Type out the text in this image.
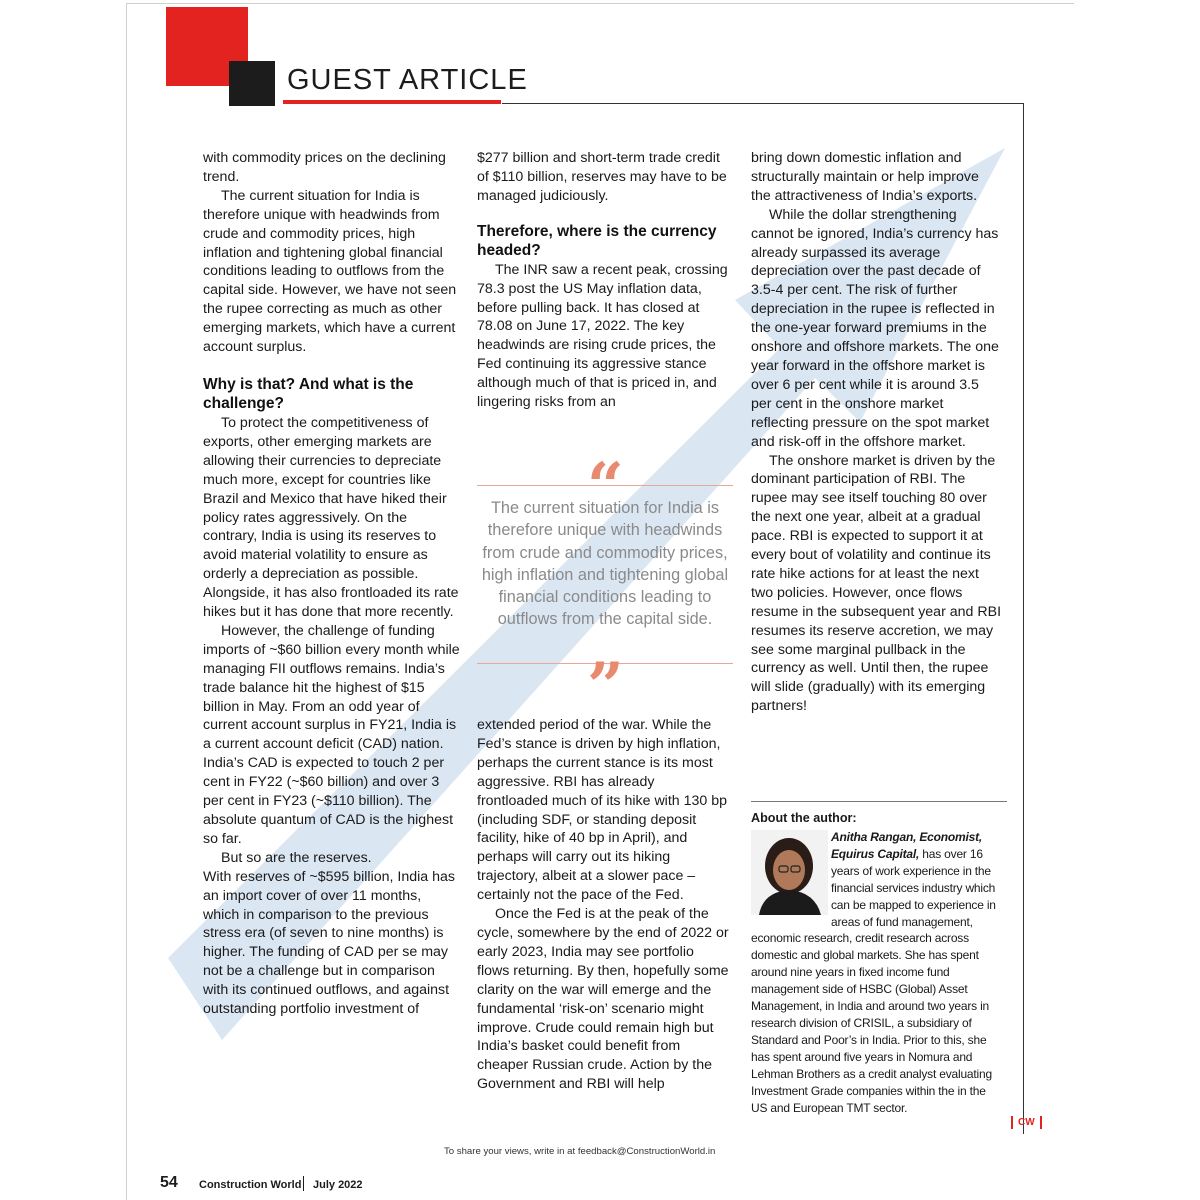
GUEST ARTICLE

with commodity prices on the declining trend.

The current situation for India is therefore unique with headwinds from crude and commodity prices, high inflation and tightening global financial conditions leading to outflows from the capital side. However, we have not seen the rupee correcting as much as other emerging markets, which have a current account surplus.

Why is that? And what is the challenge?

To protect the competitiveness of exports, other emerging markets are allowing their currencies to depreciate much more, except for countries like Brazil and Mexico that have hiked their policy rates aggressively. On the contrary, India is using its reserves to avoid material volatility to ensure as orderly a depreciation as possible. Alongside, it has also frontloaded its rate hikes but it has done that more recently.

However, the challenge of funding imports of ~$60 billion every month while managing FII outflows remains. India’s trade balance hit the highest of $15 billion in May. From an odd year of current account surplus in FY21, India is a current account deficit (CAD) nation. India’s CAD is expected to touch 2 per cent in FY22 (~$60 billion) and over 3 per cent in FY23 (~$110 billion). The absolute quantum of CAD is the highest so far.

But so are the reserves.

With reserves of ~$595 billion, India has an import cover of over 11 months, which in comparison to the previous stress era (of seven to nine months) is higher. The funding of CAD per se may not be a challenge but in comparison with its continued outflows, and against outstanding portfolio investment of

$277 billion and short-term trade credit of $110 billion, reserves may have to be managed judiciously.

Therefore, where is the currency headed?

The INR saw a recent peak, crossing 78.3 post the US May inflation data, before pulling back. It has closed at 78.08 on June 17, 2022. The key headwinds are rising crude prices, the Fed continuing its aggressive stance although much of that is priced in, and lingering risks from an

“
The current situation for India is therefore unique with headwinds from crude and commodity prices, high inflation and tightening global financial conditions leading to outflows from the capital side.
”

extended period of the war. While the Fed’s stance is driven by high inflation, perhaps the current stance is its most aggressive. RBI has already frontloaded much of its hike with 130 bp (including SDF, or standing deposit facility, hike of 40 bp in April), and perhaps will carry out its hiking trajectory, albeit at a slower pace – certainly not the pace of the Fed.

Once the Fed is at the peak of the cycle, somewhere by the end of 2022 or early 2023, India may see portfolio flows returning. By then, hopefully some clarity on the war will emerge and the fundamental ‘risk-on’ scenario might improve. Crude could remain high but India’s basket could benefit from cheaper Russian crude. Action by the Government and RBI will help

bring down domestic inflation and structurally maintain or help improve the attractiveness of India’s exports.

While the dollar strengthening cannot be ignored, India’s currency has already surpassed its average depreciation over the past decade of 3.5-4 per cent. The risk of further depreciation in the rupee is reflected in the one-year forward premiums in the onshore and offshore markets. The one year forward in the offshore market is over 6 per cent while it is around 3.5 per cent in the onshore market reflecting pressure on the spot market and risk-off in the offshore market.

The onshore market is driven by the dominant participation of RBI. The rupee may see itself touching 80 over the next one year, albeit at a gradual pace. RBI is expected to support it at every bout of volatility and continue its rate hike actions for at least the next two policies. However, once flows resume in the subsequent year and RBI resumes its reserve accretion, we may see some marginal pullback in the currency as well. Until then, the rupee will slide (gradually) with its emerging partners!

About the author:
Anitha Rangan, Economist, Equirus Capital, has over 16 years of work experience in the financial services industry which can be mapped to experience in areas of fund management, economic research, credit research across domestic and global markets. She has spent around nine years in fixed income fund management side of HSBC (Global) Asset Management, in India and around two years in research division of CRISIL, a subsidiary of Standard and Poor’s in India. Prior to this, she has spent around five years in Nomura and Lehman Brothers as a credit analyst evaluating Investment Grade companies within the in the US and European TMT sector.
CW
To share your views, write in at feedback@ConstructionWorld.in
54 Construction World July 2022
